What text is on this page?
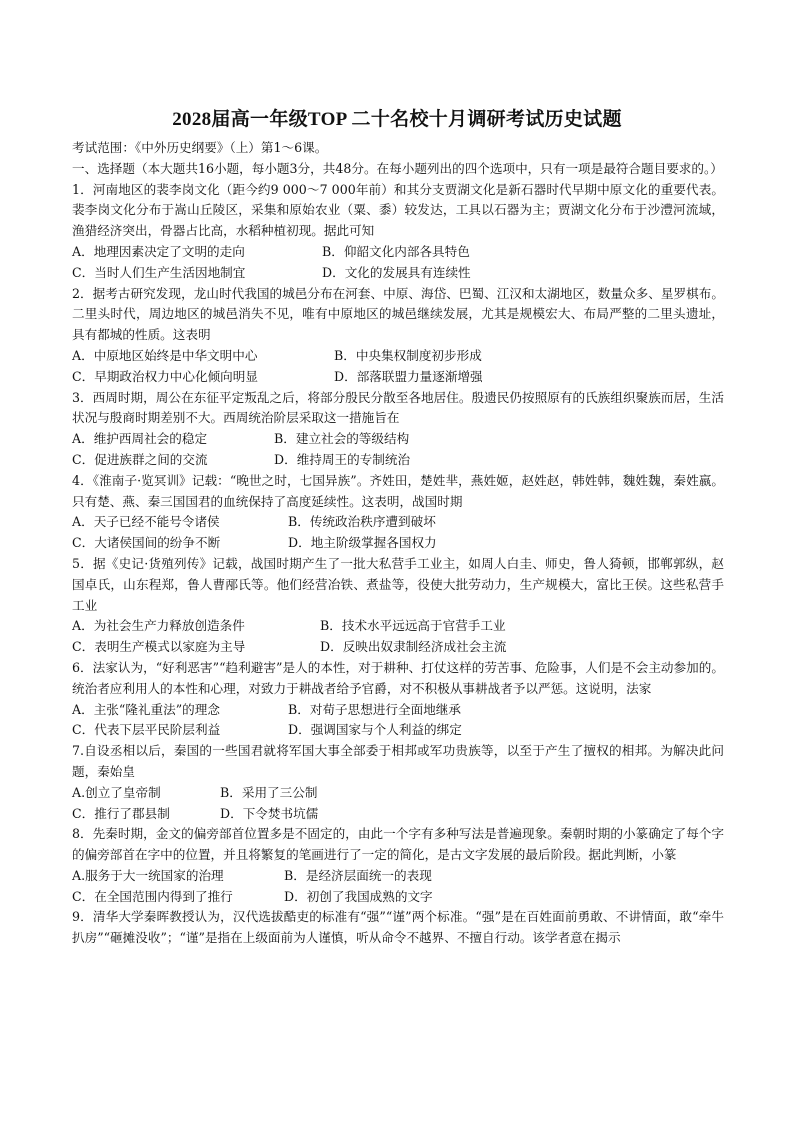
2028届高一年级TOP 二十名校十月调研考试历史试题

考试范围：《中外历史纲要》（上）第1～6课。

一、选择题（本大题共16小题，每小题3分，共48分。在每小题列出的四个选项中，只有一项是最符合题目要求的。）

1．河南地区的裴李岗文化（距今约9 000～7 000年前）和其分支贾湖文化是新石器时代早期中原文化的重要代表。裴李岗文化分布于嵩山丘陵区，采集和原始农业（粟、黍）较发达，工具以石器为主；贾湖文化分布于沙澧河流域，渔猎经济突出，骨器占比高，水稻种植初现。据此可知

A．地理因素决定了文明的走向	B．仰韶文化内部各具特色
C．当时人们生产生活因地制宜	D．文化的发展具有连续性

2．据考古研究发现，龙山时代我国的城邑分布在河套、中原、海岱、巴蜀、江汉和太湖地区，数量众多、星罗棋布。二里头时代，周边地区的城邑消失不见，唯有中原地区的城邑继续发展，尤其是规模宏大、布局严整的二里头遗址，具有都城的性质。这表明

A．中原地区始终是中华文明中心	B．中央集权制度初步形成
C．早期政治权力中心化倾向明显	D．部落联盟力量逐渐增强

3．西周时期，周公在东征平定叛乱之后，将部分殷民分散至各地居住。殷遗民仍按照原有的氏族组织聚族而居，生活状况与殷商时期差别不大。西周统治阶层采取这一措施旨在

A．维护西周社会的稳定	B．建立社会的等级结构
C．促进族群之间的交流	D．维持周王的专制统治

4．《淮南子·览冥训》记载：“晚世之时，七国异族”。齐姓田，楚姓芈，燕姓姬，赵姓赵，韩姓韩，魏姓魏，秦姓嬴。只有楚、燕、秦三国国君的血统保持了高度延续性。这表明，战国时期

A．天子已经不能号令诸侯	B．传统政治秩序遭到破坏
C．大诸侯国间的纷争不断	D．地主阶级掌握各国权力

5．据《史记·货殖列传》记载，战国时期产生了一批大私营手工业主，如周人白圭、师史，鲁人猗顿，邯郸郭纵，赵国卓氏，山东程郑，鲁人曹邴氏等。他们经营冶铁、煮盐等，役使大批劳动力，生产规模大，富比王侯。这些私营手工业

A．为社会生产力释放创造条件	B．技术水平远远高于官营手工业
C．表明生产模式以家庭为主导	D．反映出奴隶制经济成社会主流

6．法家认为，“好利恶害”“趋利避害”是人的本性，对于耕种、打仗这样的劳苦事、危险事，人们是不会主动参加的。统治者应利用人的本性和心理，对致力于耕战者给予官爵，对不积极从事耕战者予以严惩。这说明，法家

A．主张“隆礼重法”的理念	B．对荀子思想进行全面地继承
C．代表下层平民阶层利益	D．强调国家与个人利益的绑定

7.自设丞相以后，秦国的一些国君就将军国大事全部委于相邦或军功贵族等，以至于产生了擅权的相邦。为解决此问题，秦始皇

A.创立了皇帝制	B．采用了三公制
C．推行了郡县制	D．下令焚书坑儒

8．先秦时期，金文的偏旁部首位置多是不固定的，由此一个字有多种写法是普遍现象。秦朝时期的小篆确定了每个字的偏旁部首在字中的位置，并且将繁复的笔画进行了一定的简化，是古文字发展的最后阶段。据此判断，小篆

A.服务于大一统国家的治理	B．是经济层面统一的表现
C．在全国范围内得到了推行	D．初创了我国成熟的文字

9．清华大学秦晖教授认为，汉代选拔酷吏的标准有“强”“谨”两个标准。“强”是在百姓面前勇敢、不讲情面，敢“牵牛扒房”“砸摊没收”；“谨”是指在上级面前为人谨慎，听从命令不越界、不擅自行动。该学者意在揭示
